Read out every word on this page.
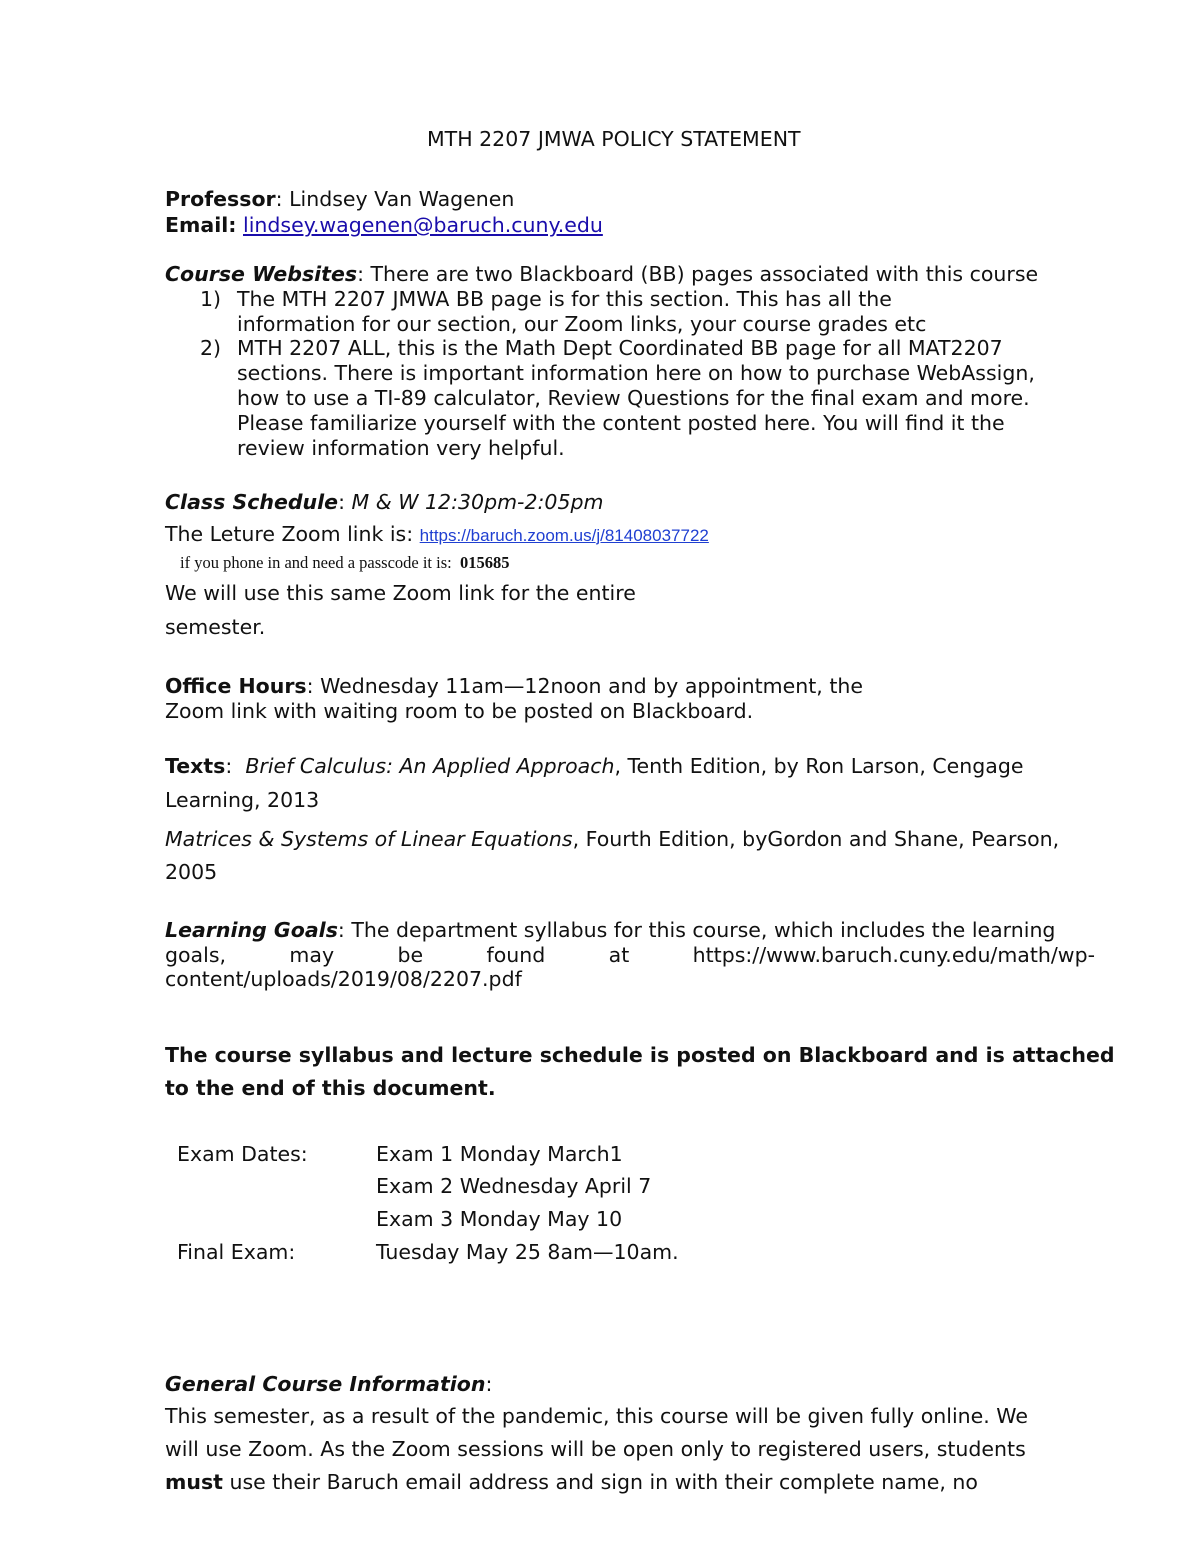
MTH 2207 JMWA POLICY STATEMENT
Professor: Lindsey Van Wagenen
Email: lindsey.wagenen@baruch.cuny.edu
Course Websites: There are two Blackboard (BB) pages associated with this course
1) The MTH 2207 JMWA BB page is for this section. This has all the
information for our section, our Zoom links, your course grades etc
2) MTH 2207 ALL, this is the Math Dept Coordinated BB page for all MAT2207
sections. There is important information here on how to purchase WebAssign,
how to use a TI-89 calculator, Review Questions for the final exam and more.
Please familiarize yourself with the content posted here. You will find it the
review information very helpful.
Class Schedule: M & W 12:30pm-2:05pm
The Leture Zoom link is: https://baruch.zoom.us/j/81408037722
if you phone in and need a passcode it is: 015685
We will use this same Zoom link for the entire
semester.
Office Hours: Wednesday 11am—12noon and by appointment, the
Zoom link with waiting room to be posted on Blackboard.
Texts:  Brief Calculus: An Applied Approach, Tenth Edition, by Ron Larson, Cengage
Learning, 2013
Matrices & Systems of Linear Equations, Fourth Edition, byGordon and Shane, Pearson,
2005
Learning Goals: The department syllabus for this course, which includes the learning
goals,	may	be	found	at	https://www.baruch.cuny.edu/math/wp-
content/uploads/2019/08/2207.pdf
The course syllabus and lecture schedule is posted on Blackboard and is attached
to the end of this document.
Exam Dates:	Exam 1 Monday March1
Exam 2 Wednesday April 7
Exam 3 Monday May 10
Final Exam:	Tuesday May 25 8am—10am.
General Course Information:
This semester, as a result of the pandemic, this course will be given fully online. We
will use Zoom. As the Zoom sessions will be open only to registered users, students
must use their Baruch email address and sign in with their complete name, no
